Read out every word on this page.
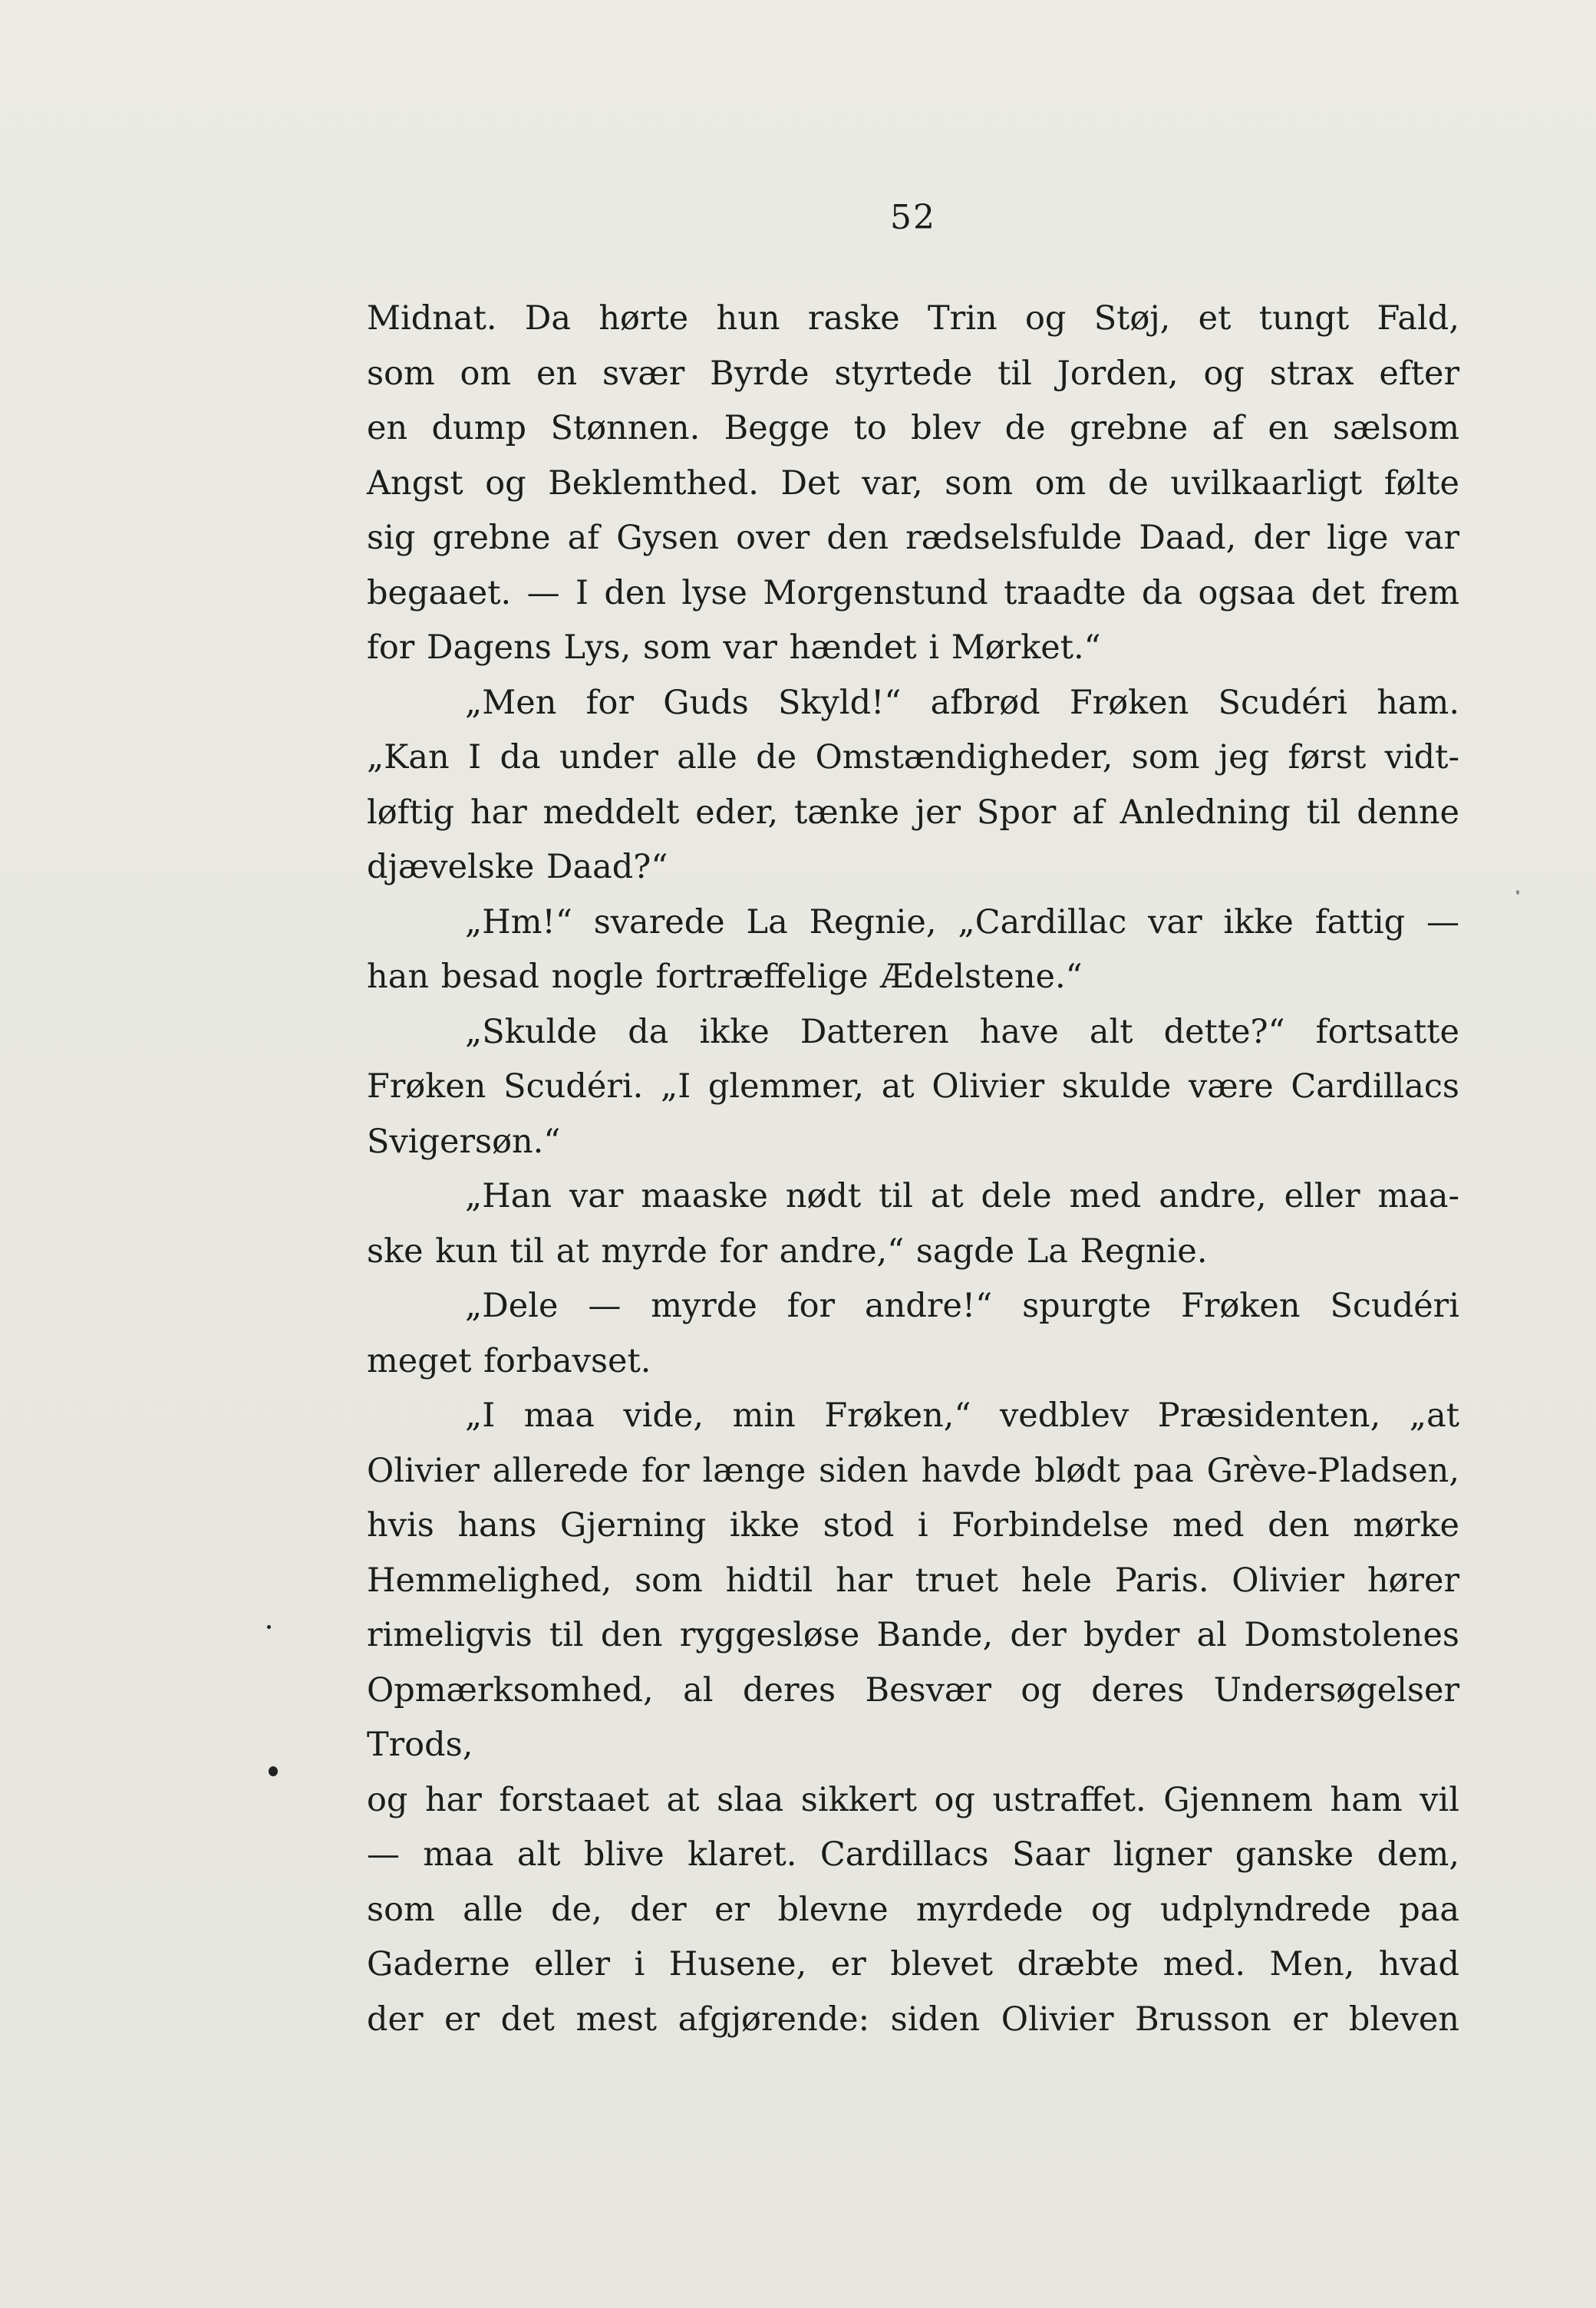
52

Midnat. Da hørte hun raske Trin og Støj, et tungt Fald,

som om en svær Byrde styrtede til Jorden, og strax efter

en dump Stønnen. Begge to blev de grebne af en sælsom

Angst og Beklemthed. Det var, som om de uvilkaarligt følte

sig grebne af Gysen over den rædselsfulde Daad, der lige var

begaaet. — I den lyse Morgenstund traadte da ogsaa det frem

for Dagens Lys, som var hændet i Mørket.“

„Men for Guds Skyld!“ afbrød Frøken Scudéri ham.

„Kan I da under alle de Omstændigheder, som jeg først vidt-

løftig har meddelt eder, tænke jer Spor af Anledning til denne

djævelske Daad?“

„Hm!“ svarede La Regnie, „Cardillac var ikke fattig —

han besad nogle fortræffelige Ædelstene.“

„Skulde da ikke Datteren have alt dette?“ fortsatte

Frøken Scudéri. „I glemmer, at Olivier skulde være Cardillacs

Svigersøn.“

„Han var maaske nødt til at dele med andre, eller maa-

ske kun til at myrde for andre,“ sagde La Regnie.

„Dele — myrde for andre!“ spurgte Frøken Scudéri

meget forbavset.

„I maa vide, min Frøken,“ vedblev Præsidenten, „at

Olivier allerede for længe siden havde blødt paa Grève-Pladsen,

hvis hans Gjerning ikke stod i Forbindelse med den mørke

Hemmelighed, som hidtil har truet hele Paris. Olivier hører

rimeligvis til den ryggesløse Bande, der byder al Domstolenes

Opmærksomhed, al deres Besvær og deres Undersøgelser Trods,

og har forstaaet at slaa sikkert og ustraffet. Gjennem ham vil

— maa alt blive klaret. Cardillacs Saar ligner ganske dem,

som alle de, der er blevne myrdede og udplyndrede paa

Gaderne eller i Husene, er blevet dræbte med. Men, hvad

der er det mest afgjørende: siden Olivier Brusson er bleven
